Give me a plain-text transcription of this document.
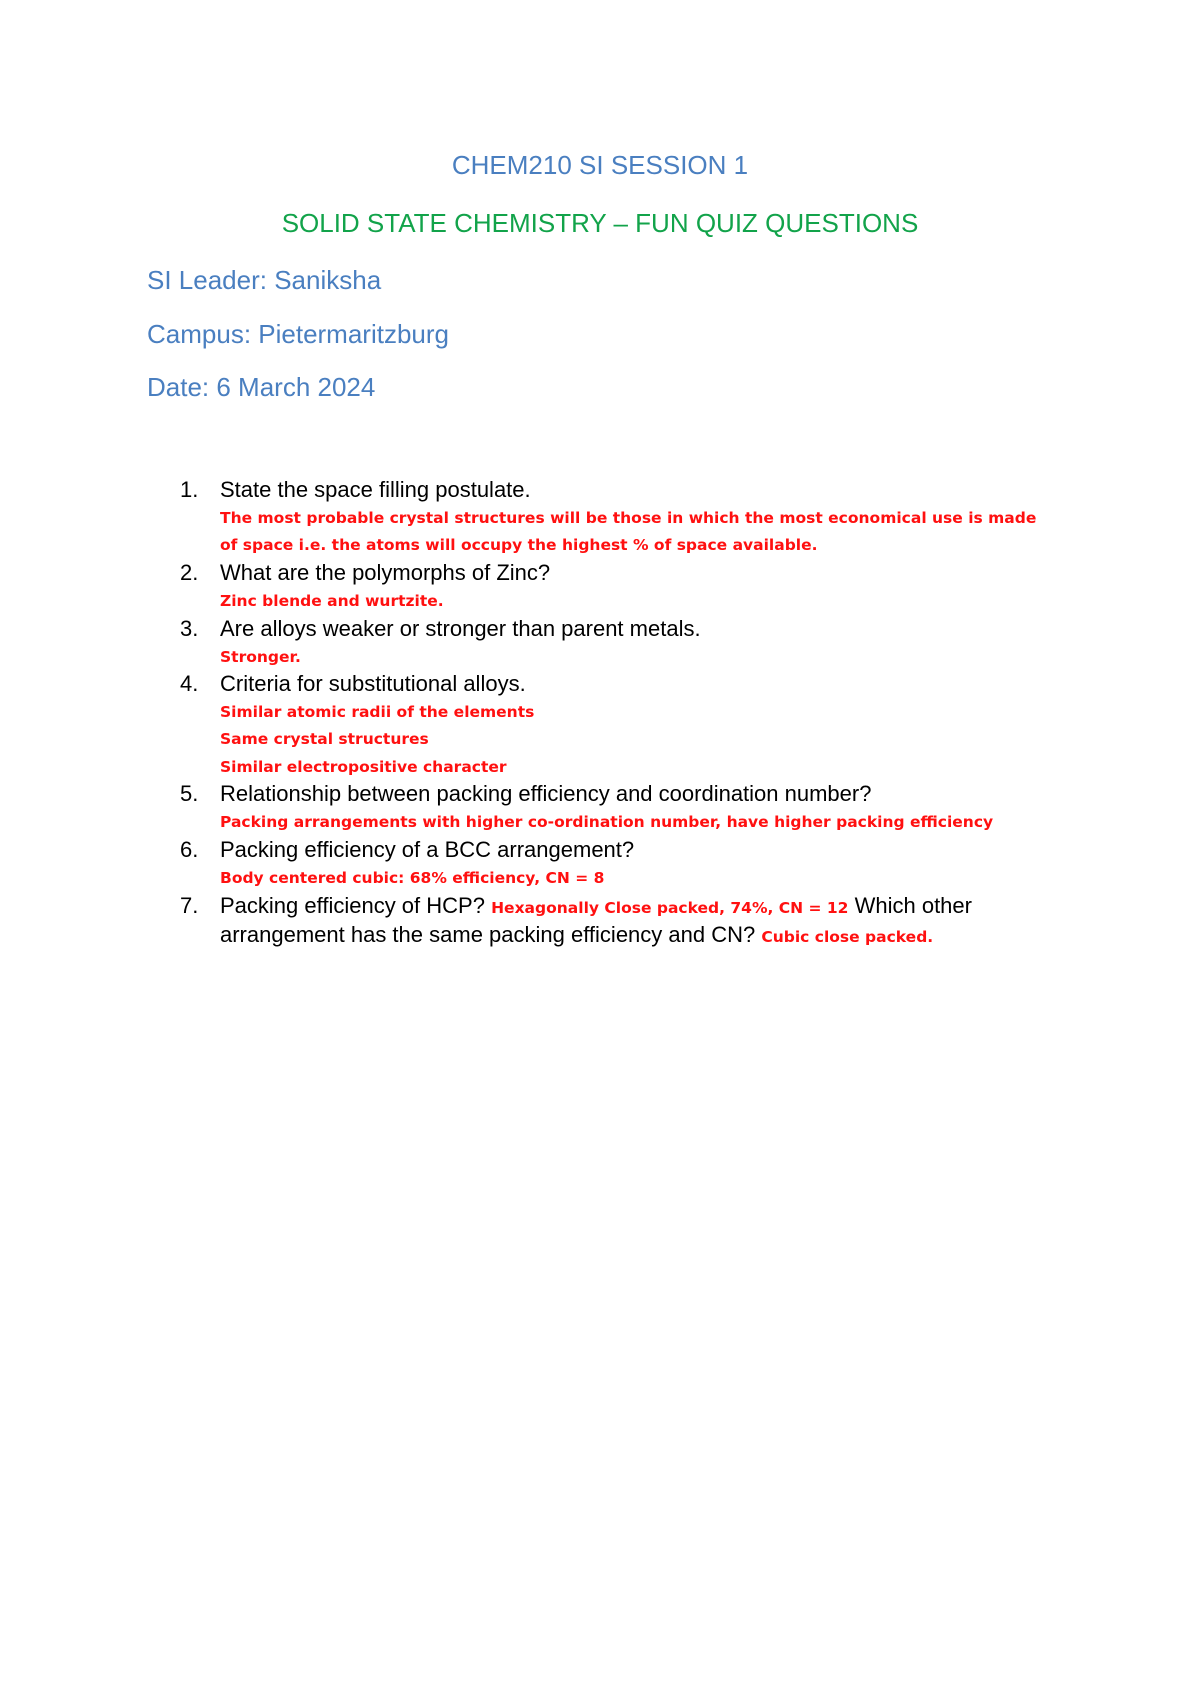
CHEM210 SI SESSION 1
SOLID STATE CHEMISTRY – FUN QUIZ QUESTIONS
SI Leader: Saniksha
Campus: Pietermaritzburg
Date: 6 March 2024
1. State the space filling postulate.
The most probable crystal structures will be those in which the most economical use is made
of space i.e. the atoms will occupy the highest % of space available.
2. What are the polymorphs of Zinc?
Zinc blende and wurtzite.
3. Are alloys weaker or stronger than parent metals.
Stronger.
4. Criteria for substitutional alloys.
Similar atomic radii of the elements
Same crystal structures
Similar electropositive character
5. Relationship between packing efficiency and coordination number?
Packing arrangements with higher co-ordination number, have higher packing efficiency
6. Packing efficiency of a BCC arrangement?
Body centered cubic: 68% efficiency, CN = 8
7. Packing efficiency of HCP? Hexagonally Close packed, 74%, CN = 12 Which other
arrangement has the same packing efficiency and CN? Cubic close packed.
